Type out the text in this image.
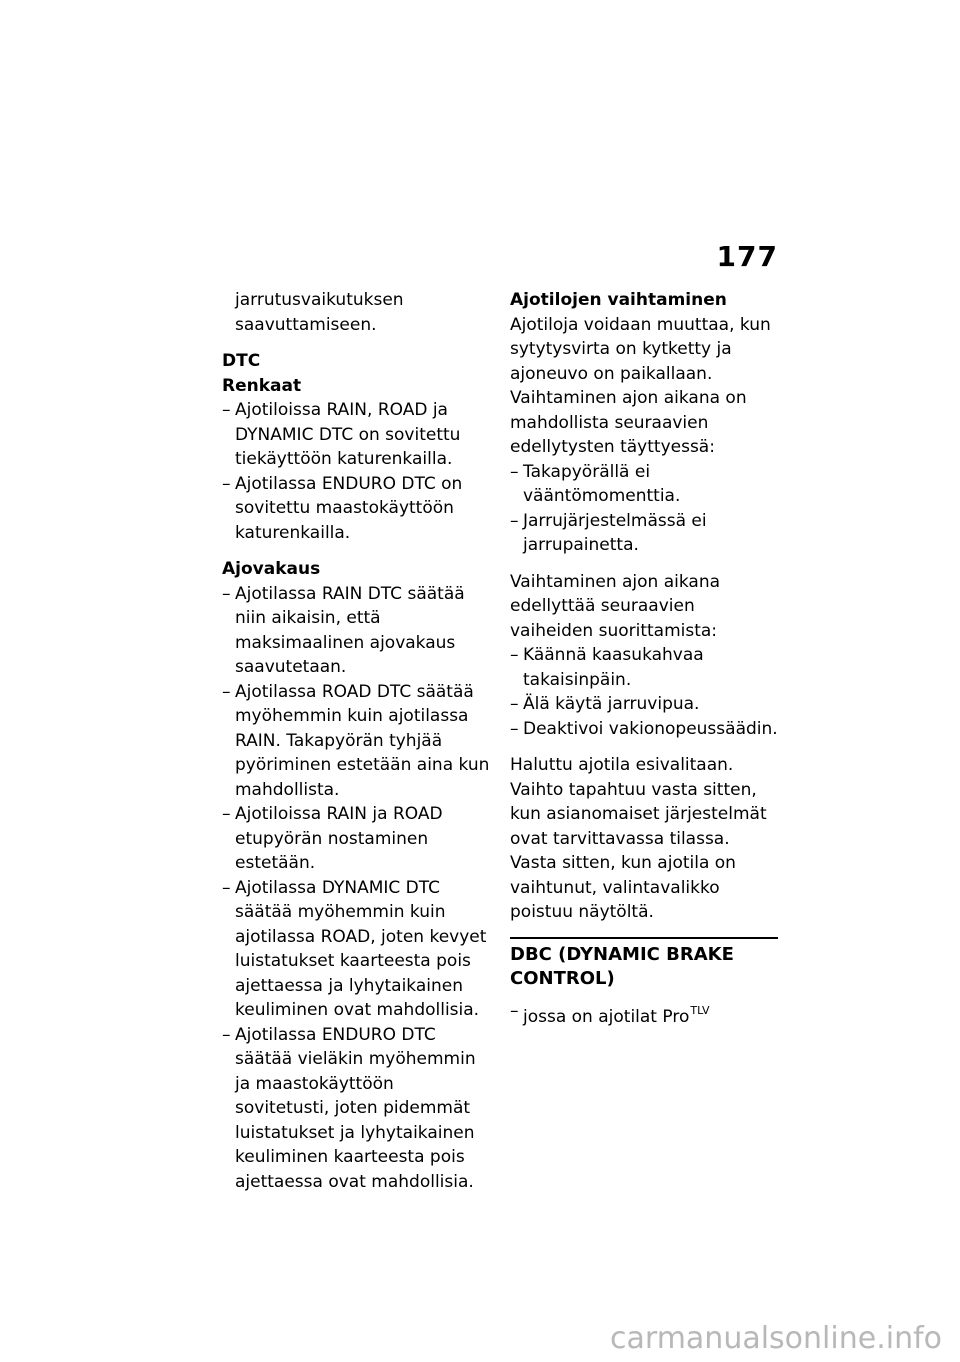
177

jarrutusvaikutuksen saavuttamiseen.

DTC

Renkaat

– Ajotiloissa RAIN, ROAD ja DYNAMIC DTC on sovitettu tiekäyttöön katurenkailla.
– Ajotilassa ENDURO DTC on sovitettu maastokäyttöön katurenkailla.

Ajovakaus

– Ajotilassa RAIN DTC säätää niin aikaisin, että maksimaalinen ajovakaus saavutetaan.
– Ajotilassa ROAD DTC säätää myöhemmin kuin ajotilassa RAIN. Takapyörän tyhjää pyöriminen estetään aina kun mahdollista.
– Ajotiloissa RAIN ja ROAD etupyörän nostaminen estetään.
– Ajotilassa DYNAMIC DTC säätää myöhemmin kuin ajotilassa ROAD, joten kevyet luistatukset kaarteesta pois ajettaessa ja lyhytaikainen keuliminen ovat mahdollisia.
– Ajotilassa ENDURO DTC säätää vieläkin myöhemmin ja maastokäyttöön sovitetusti, joten pidemmät luistatukset ja lyhytaikainen keuliminen kaarteesta pois ajettaessa ovat mahdollisia.

Ajotilojen vaihtaminen

Ajotiloja voidaan muuttaa, kun sytytysvirta on kytketty ja ajoneuvo on paikallaan. Vaihtaminen ajon aikana on mahdollista seuraavien edellytysten täyttyessä:

– Takapyörällä ei vääntömomenttia.
– Jarrujärjestelmässä ei jarrupainetta.

Vaihtaminen ajon aikana edellyttää seuraavien vaiheiden suorittamista:

– Käännä kaasukahvaa takaisinpäin.
– Älä käytä jarruvipua.
– Deaktivoi vakionopeussäädin.

Haluttu ajotila esivalitaan. Vaihto tapahtuu vasta sitten, kun asianomaiset järjestelmät ovat tarvittavassa tilassa. Vasta sitten, kun ajotila on vaihtunut, valintavalikko poistuu näytöltä.

DBC (DYNAMIC BRAKE CONTROL)

– jossa on ajotilat Pro$^{TLV}$
carmanualsonline.info
